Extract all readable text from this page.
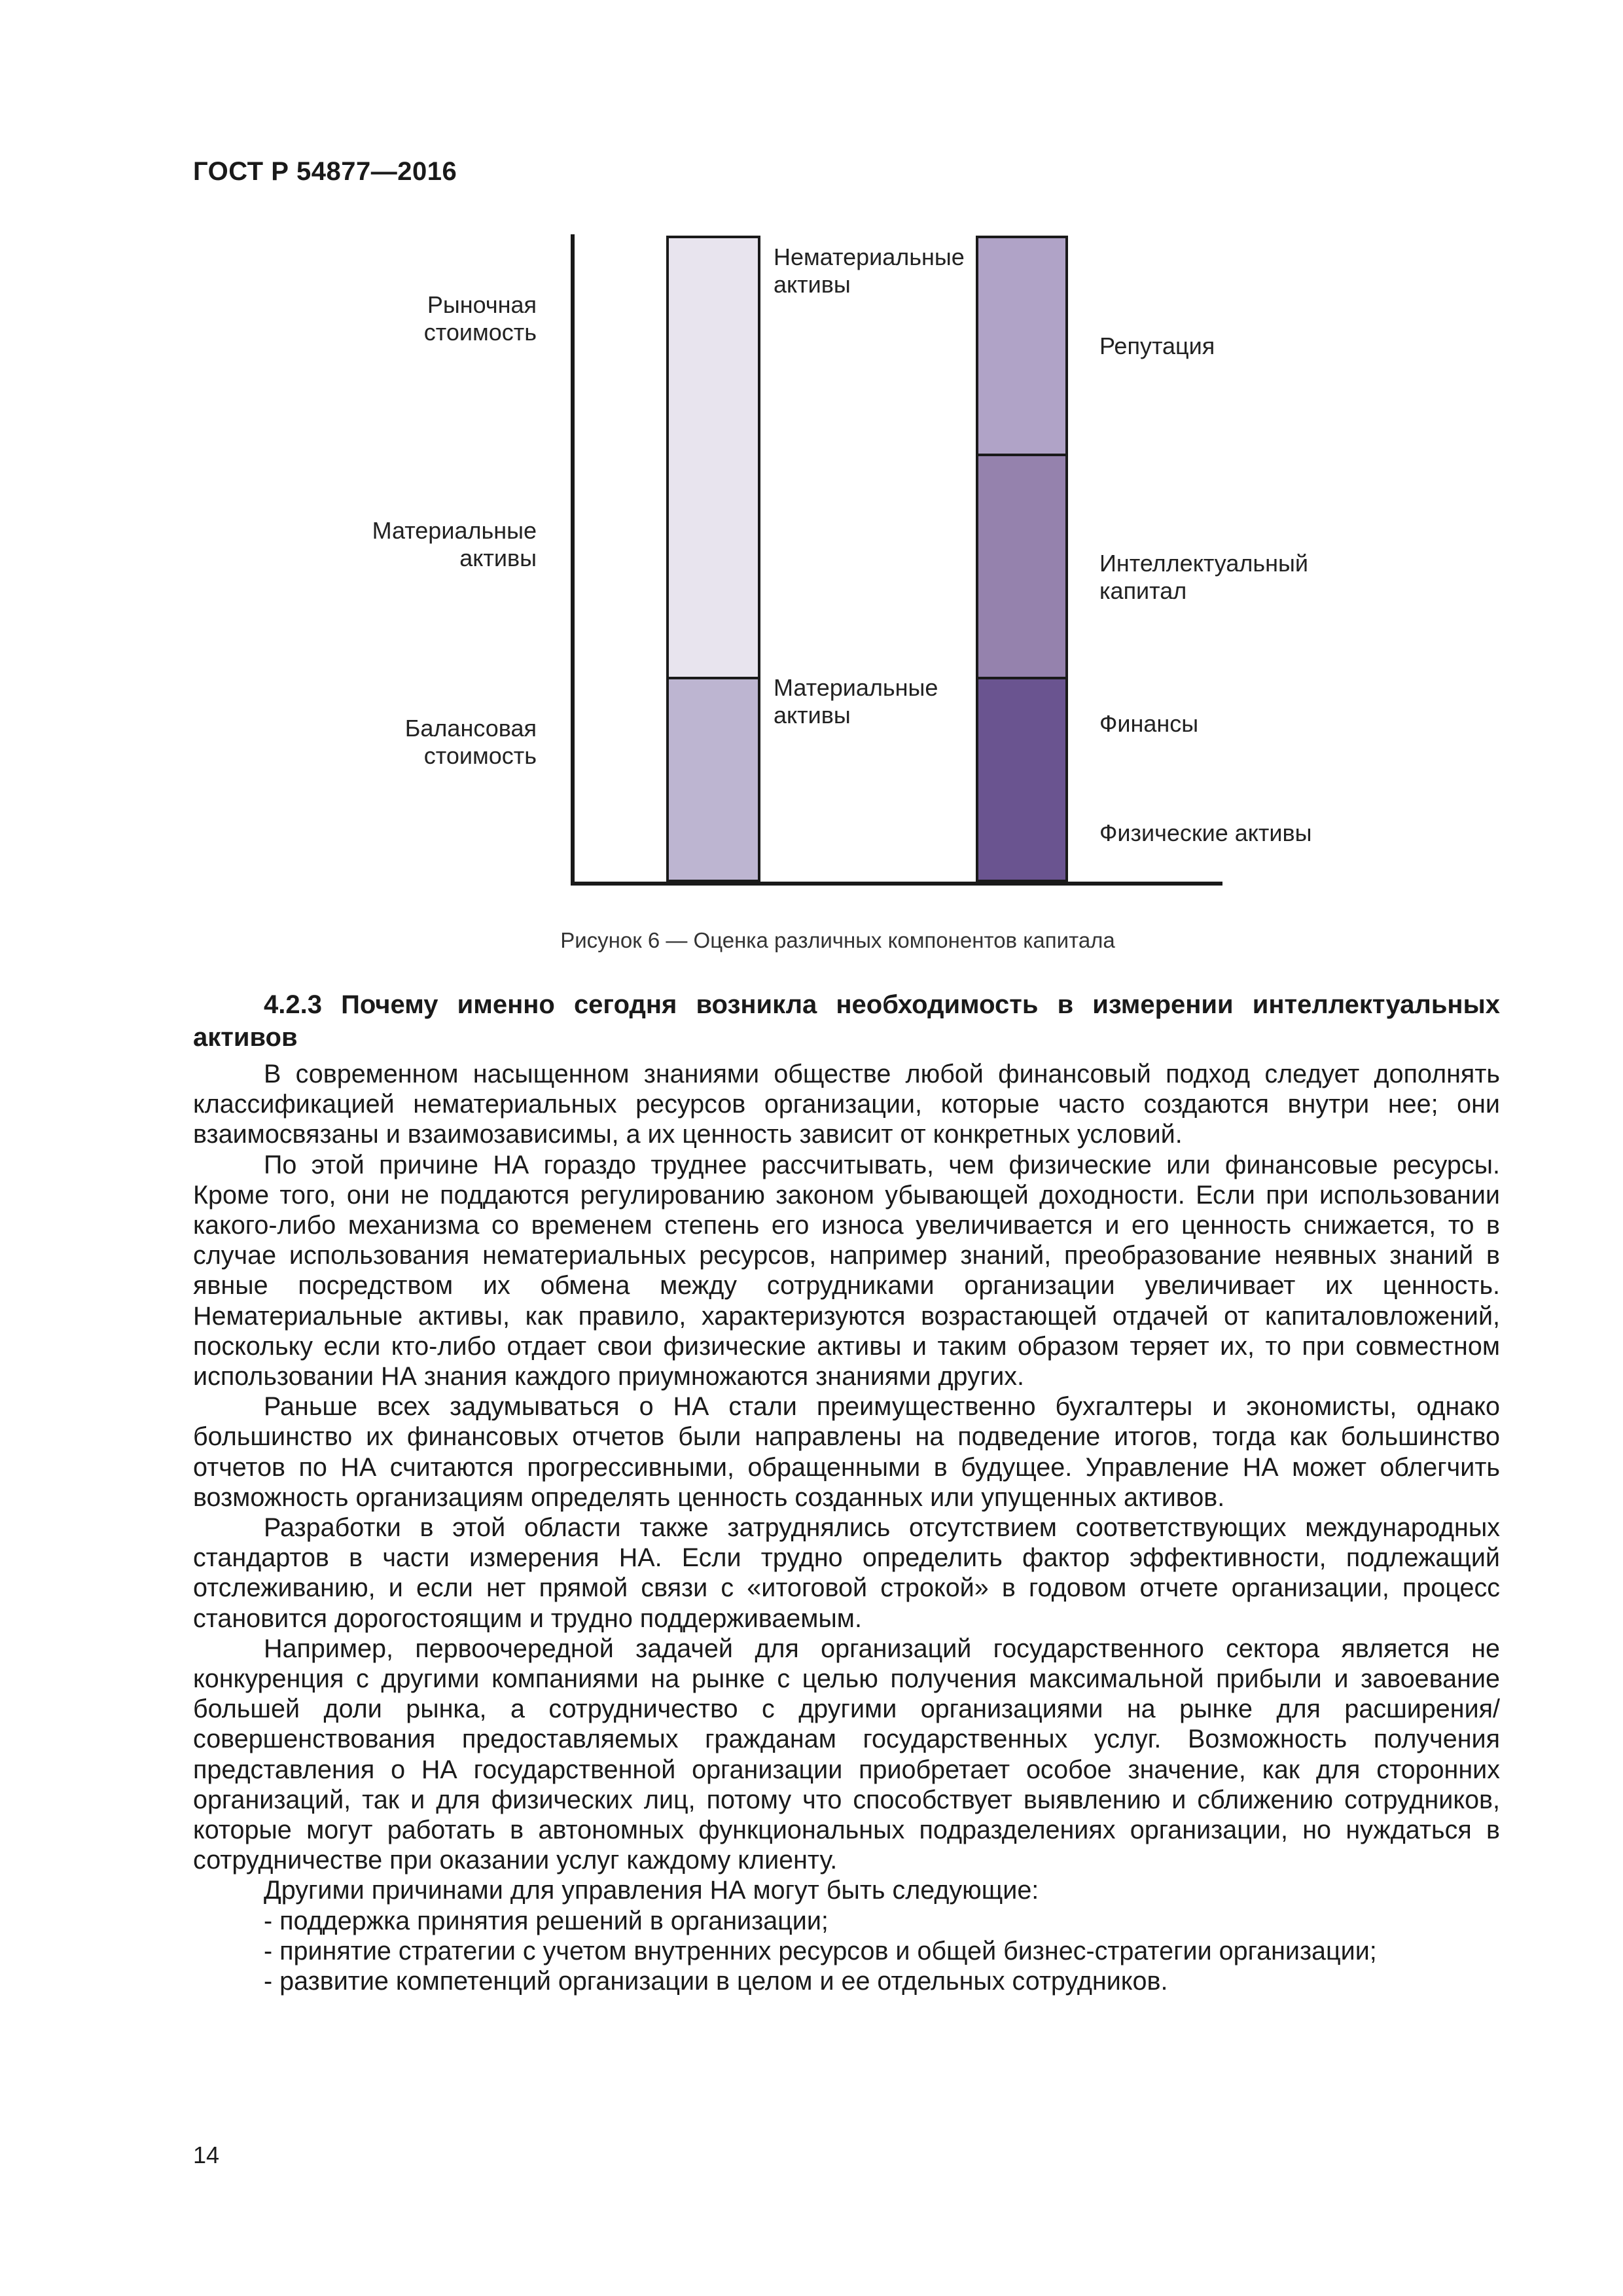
ГОСТ Р 54877—2016
Рыночная
стоимость
Материальные
активы
Балансовая
стоимость
Нематериальные
активы
Материальные
активы
Репутация
Интеллектуальный
капитал
Финансы
Физические активы
Рисунок 6 — Оценка различных компонентов капитала
4.2.3 Почему именно сегодня возникла необходимость в измерении интеллектуальных активов

В современном насыщенном знаниями обществе любой финансовый подход следует дополнять классификацией нематериальных ресурсов организации, которые часто создаются внутри нее; они взаимосвязаны и взаимозависимы, а их ценность зависит от конкретных условий.

По этой причине НА гораздо труднее рассчитывать, чем физические или финансовые ресурсы. Кроме того, они не поддаются регулированию законом убывающей доходности. Если при использовании какого-либо механизма со временем степень его износа увеличивается и его ценность снижается, то в случае использования нематериальных ресурсов, например знаний, преобразование неявных знаний в явные посредством их обмена между сотрудниками организации увеличивает их ценность. Нематериальные активы, как правило, характеризуются возрастающей отдачей от капиталовложений, поскольку если кто-либо отдает свои физические активы и таким образом теряет их, то при совместном использовании НА знания каждого приумножаются знаниями других.

Раньше всех задумываться о НА стали преимущественно бухгалтеры и экономисты, однако большинство их финансовых отчетов были направлены на подведение итогов, тогда как большинство отчетов по НА считаются прогрессивными, обращенными в будущее. Управление НА может облегчить возможность организациям определять ценность созданных или упущенных активов.

Разработки в этой области также затруднялись отсутствием соответствующих международных стандартов в части измерения НА. Если трудно определить фактор эффективности, подлежащий отслеживанию, и если нет прямой связи с «итоговой строкой» в годовом отчете организации, процесс становится дорогостоящим и трудно поддерживаемым.

Например, первоочередной задачей для организаций государственного сектора является не конкуренция с другими компаниями на рынке с целью получения максимальной прибыли и завоевание большей доли рынка, а сотрудничество с другими организациями на рынке для расширения/совершенствования предоставляемых гражданам государственных услуг. Возможность получения представления о НА государственной организации приобретает особое значение, как для сторонних организаций, так и для физических лиц, потому что способствует выявлению и сближению сотрудников, которые могут работать в автономных функциональных подразделениях организации, но нуждаться в сотрудничестве при оказании услуг каждому клиенту.

Другими причинами для управления НА могут быть следующие:

- поддержка принятия решений в организации;

- принятие стратегии с учетом внутренних ресурсов и общей бизнес-стратегии организации;

- развитие компетенций организации в целом и ее отдельных сотрудников.

14
